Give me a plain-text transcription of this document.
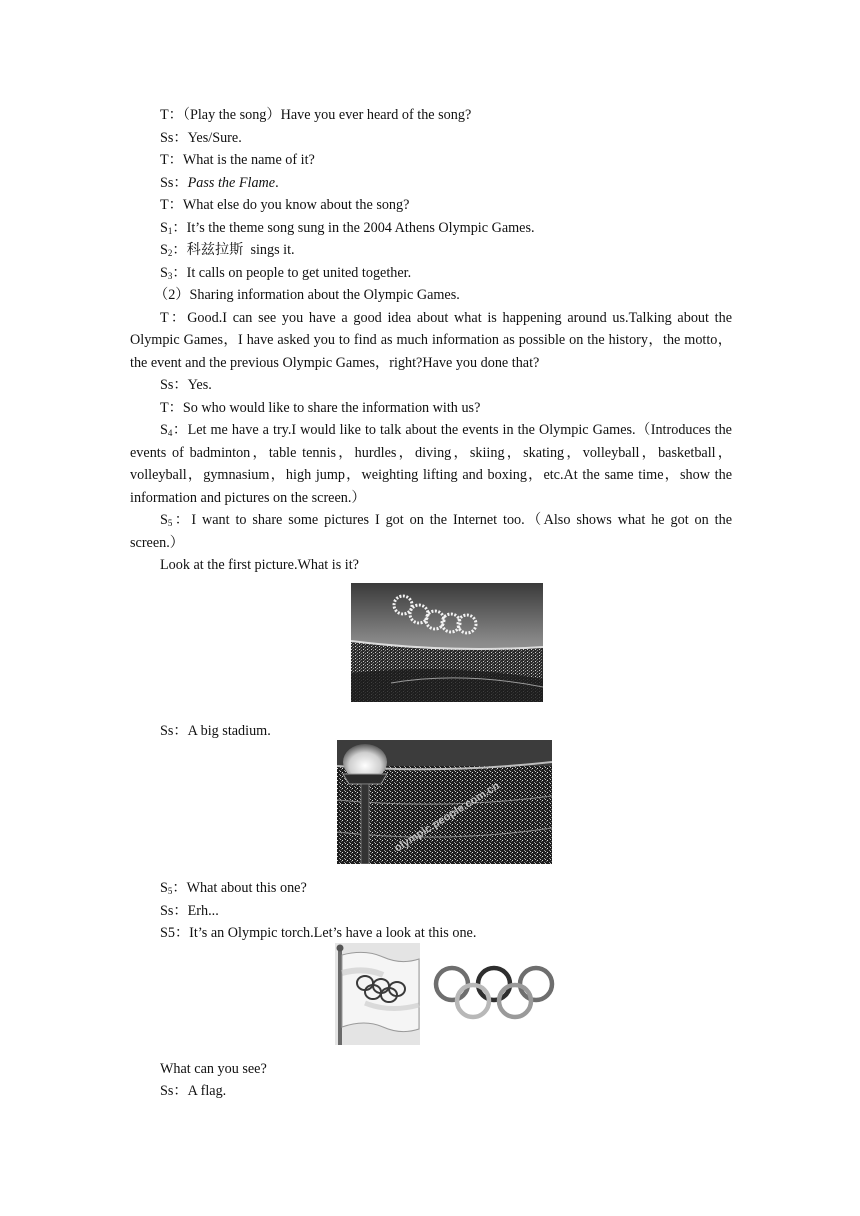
T：（Play the song）Have you ever heard of the song?

Ss：Yes/Sure.

T：What is the name of it?

Ss：Pass the Flame.

T：What else do you know about the song?

$S_1$：It’s the theme song sung in the 2004 Athens Olympic Games.

$S_2$：科兹拉斯  sings it.

$S_3$：It calls on people to get united together.

（2）Sharing information about the Olympic Games.

T：Good.I can see you have a good idea about what is happening around us.Talking about the Olympic Games，I have asked you to find as much information as possible on the history，the motto，the event and the previous Olympic Games，right?Have you done that?

Ss：Yes.

T：So who would like to share the information with us?

$S_4$：Let me have a try.I would like to talk about the events in the Olympic Games.（Introduces the events of badminton，table tennis，hurdles，diving，skiing，skating，volleyball，basketball，volleyball，gymnasium，high jump，weighting lifting and boxing，etc.At the same time，show the information and pictures on the screen.）

$S_5$：I want to share some pictures I got on the Internet too.（Also shows what he got on the screen.）

Look at the first picture.What is it?

Ss：A big stadium.

$S_5$：What about this one?

Ss：Erh...

S5：It’s an Olympic torch.Let’s have a look at this one.

What can you see?

Ss：A flag.

olympic.people.com.cn
